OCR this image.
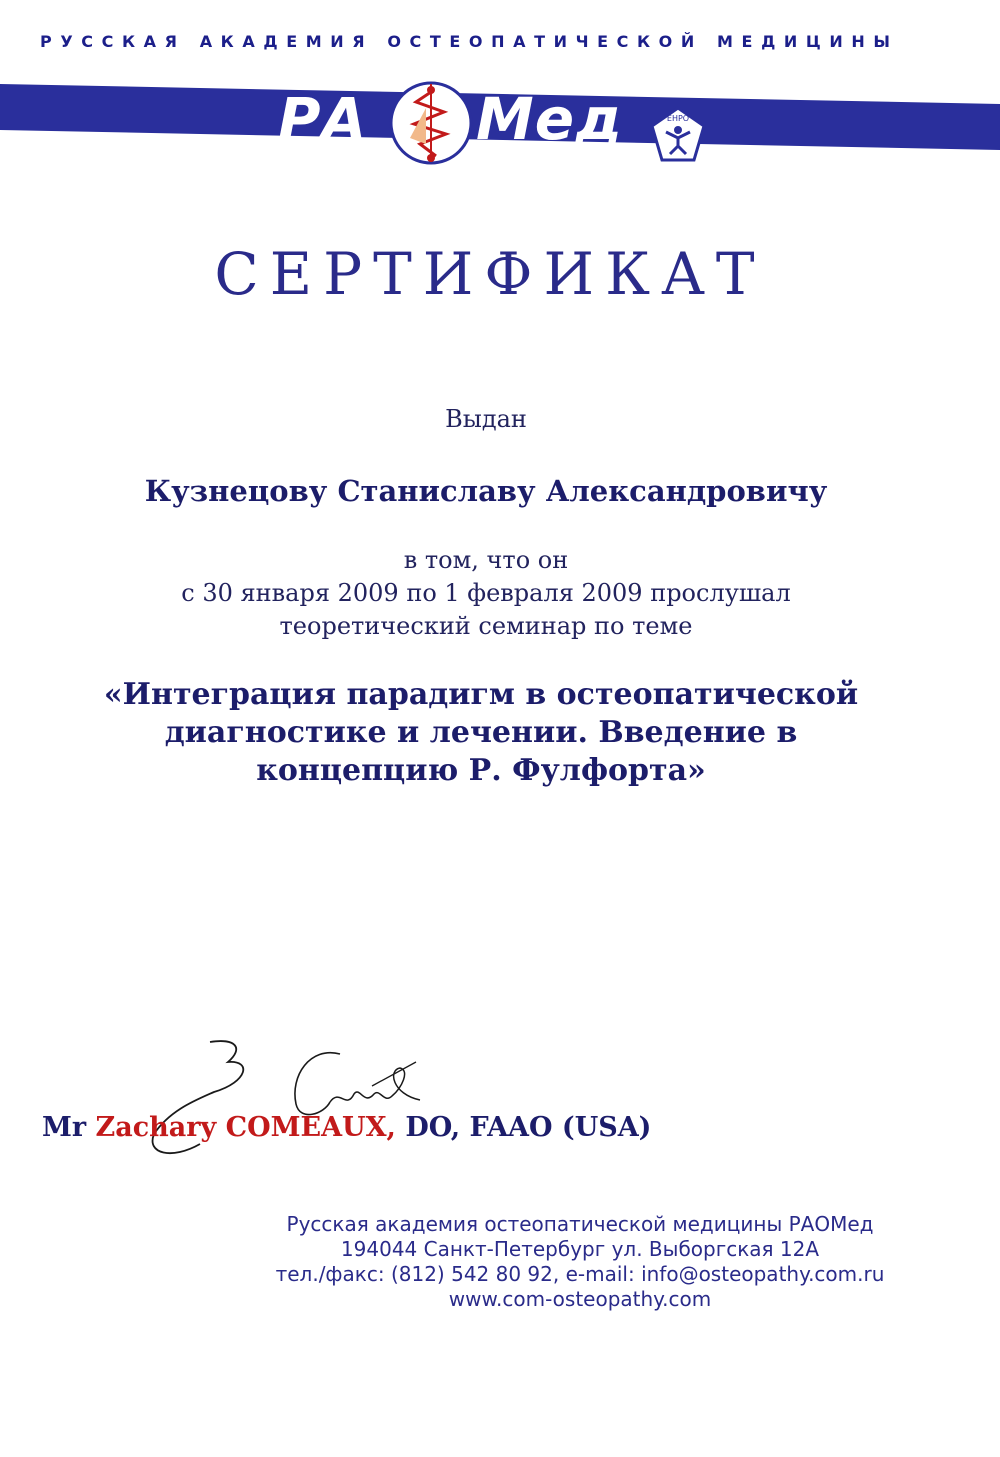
РУССКАЯ АКАДЕМИЯ ОСТЕОПАТИЧЕСКОЙ МЕДИЦИНЫ
РА Мед	ЕНРО
СЕРТИФИКАТ
Выдан
Кузнецову Станиславу Александровичу
в том, что он
с 30 января 2009 по 1 февраля 2009 прослушал
теоретический семинар по теме
«Интеграция парадигм в остеопатической
диагностике и лечении. Введение в
концепцию Р. Фулфорта»
Mr Zachary COMEAUX, DO, FAAO (USA)
Русская академия остеопатической медицины РАОМед
194044 Санкт-Петербург ул. Выборгская 12А
тел./факс: (812) 542 80 92, e-mail: info@osteopathy.com.ru
www.com-osteopathy.com
